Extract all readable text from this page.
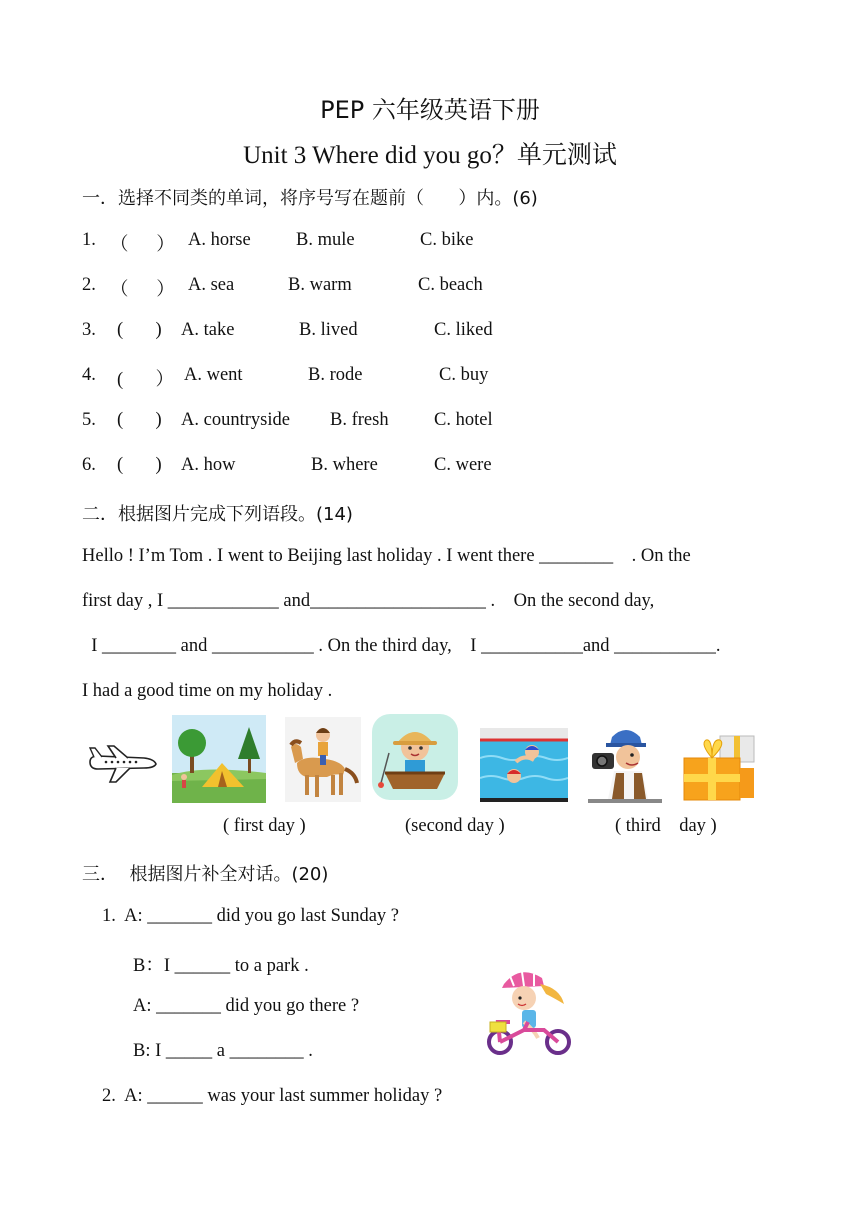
PEP 六年级英语下册
Unit 3 Where did you go？单元测试
一．选择不同类的单词，将序号写在题前（      ）内。(6)
1. （      ） A. horse B. mule	C. bike
2. （      ） A. sea	B. warm	C. beach
3. (       ) A. take	B. lived	C. liked
4. (       ） A. went	B. rode	C. buy
5. (       ) A. countryside B. fresh C. hotel
6. (       ) A. how	B. where	C. were
二．根据图片完成下列语段。(14)
Hello ! I’m Tom . I went to Beijing last holiday . I went there ________    . On the
first day , I ____________ and___________________ .    On the second day,
I ________ and ___________ . On the third day,    I ___________and ___________.
I had a good time on my holiday .
( first day )	(second day )	( third    day )
三．  根据图片补全对话。(20)
1.  A: _______ did you go last Sunday ?
B：I ______ to a park .
A: _______ did you go there ?
B: I _____ a ________ .
2.  A: ______ was your last summer holiday ?
